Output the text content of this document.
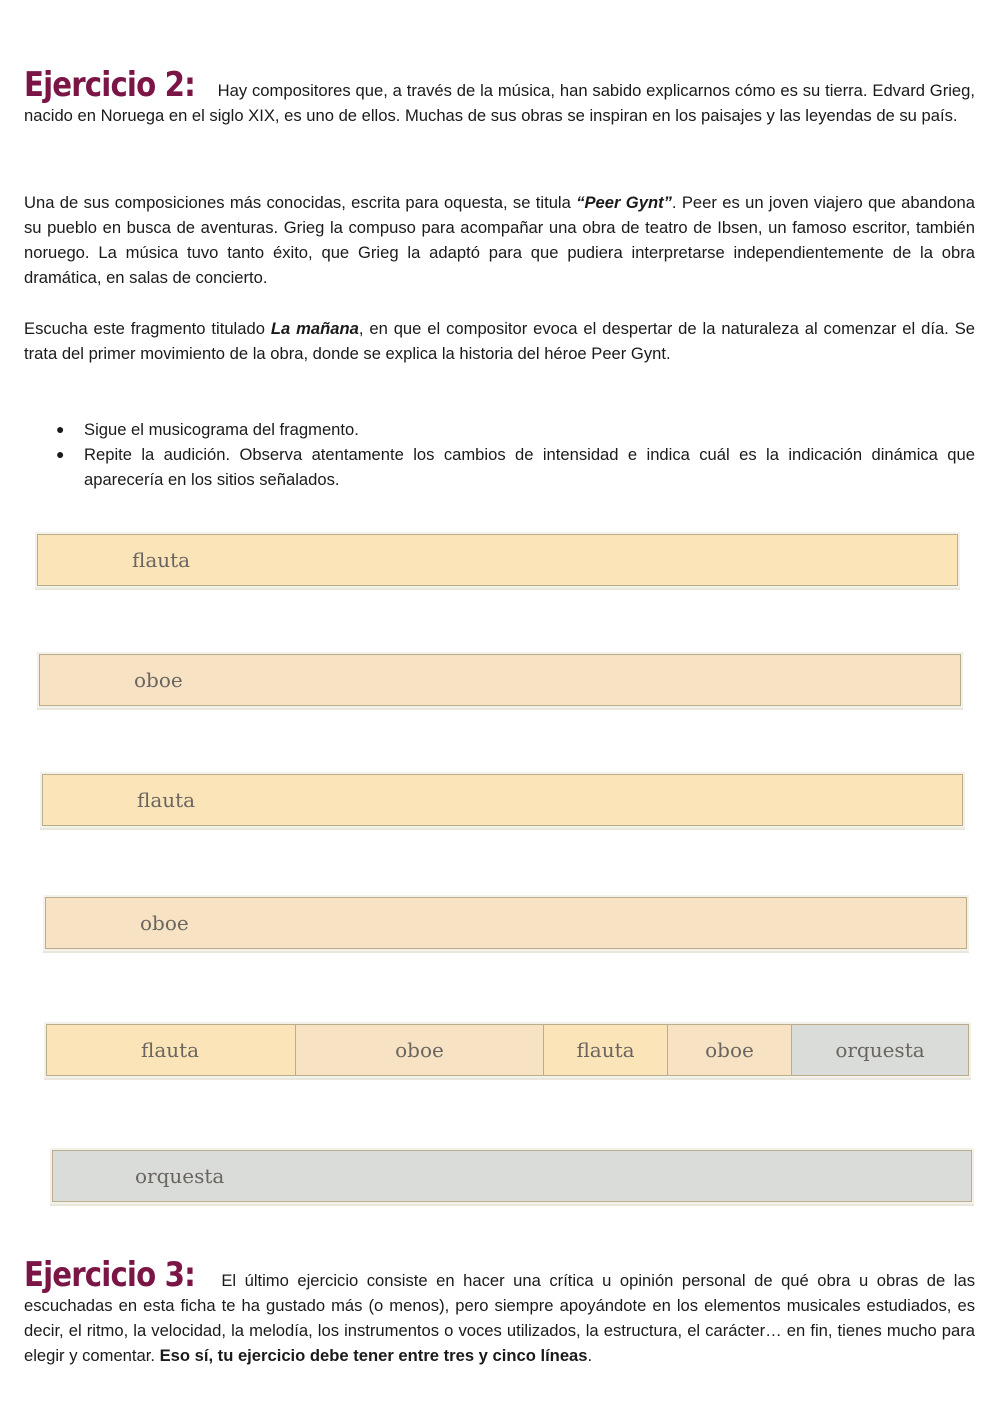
Ejercicio 2: Hay compositores que, a través de la música, han sabido explicarnos cómo es su tierra. Edvard Grieg, nacido en Noruega en el siglo XIX, es uno de ellos. Muchas de sus obras se inspiran en los paisajes y las leyendas de su país.
Una de sus composiciones más conocidas, escrita para oquesta, se titula “Peer Gynt”. Peer es un joven viajero que abandona su pueblo en busca de aventuras. Grieg la compuso para acompañar una obra de teatro de Ibsen, un famoso escritor, también noruego. La música tuvo tanto éxito, que Grieg la adaptó para que pudiera interpretarse independientemente de la obra dramática, en salas de concierto.
Escucha este fragmento titulado La mañana, en que el compositor evoca el despertar de la naturaleza al comenzar el día. Se trata del primer movimiento de la obra, donde se explica la historia del héroe Peer Gynt.
● Sigue el musicograma del fragmento.
● Repite la audición. Observa atentamente los cambios de intensidad e indica cuál es la indicación dinámica que aparecería en los sitios señalados.
flauta
oboe
flauta
oboe
flauta	oboe	flauta	oboe	orquesta
orquesta
Ejercicio 3: El último ejercicio consiste en hacer una crítica u opinión personal de qué obra u obras de las escuchadas en esta ficha te ha gustado más (o menos), pero siempre apoyándote en los elementos musicales estudiados, es decir, el ritmo, la velocidad, la melodía, los instrumentos o voces utilizados, la estructura, el carácter… en fin, tienes mucho para elegir y comentar. Eso sí, tu ejercicio debe tener entre tres y cinco líneas.
